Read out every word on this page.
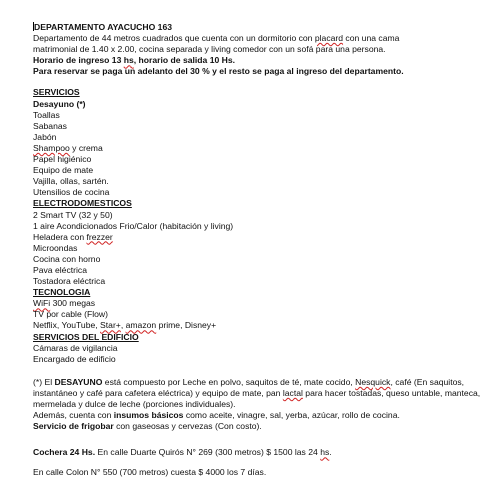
DEPARTAMENTO AYACUCHO 163
Departamento de 44 metros cuadrados que cuenta con un dormitorio con placard con una cama
matrimonial de 1.40 x 2.00, cocina separada y living comedor con un sofá para una persona.
Horario de ingreso 13 hs, horario de salida 10 Hs.
Para reservar se paga un adelanto del 30 % y el resto se paga al ingreso del departamento.
SERVICIOS
Desayuno (*)
Toallas
Sabanas
Jabón
Shampoo y crema
Papel higiénico
Equipo de mate
Vajilla, ollas, sartén.
Utensilios de cocina
ELECTRODOMESTICOS
2 Smart TV (32 y 50)
1 aire Acondicionados Frio/Calor (habitación y living)
Heladera con frezzer
Microondas
Cocina con horno
Pava eléctrica
Tostadora eléctrica
TECNOLOGIA
WiFi 300 megas
TV por cable (Flow)
Netflix, YouTube, Star+, amazon prime, Disney+
SERVICIOS DEL EDIFICIO
Cámaras de vigilancia
Encargado de edificio
(*) El DESAYUNO está compuesto por Leche en polvo, saquitos de té, mate cocido, Nesquick, café (En saquitos, instantáneo y café para cafetera eléctrica) y equipo de mate, pan lactal para hacer tostadas, queso untable, manteca, mermelada y dulce de leche (porciones individuales).
Además, cuenta con insumos básicos como aceite, vinagre, sal, yerba, azúcar, rollo de cocina.
Servicio de frigobar con gaseosas y cervezas (Con costo).
Cochera 24 Hs. En calle Duarte Quirós N° 269 (300 metros) $ 1500 las 24 hs.
En calle Colon N° 550 (700 metros) cuesta $ 4000 los 7 días.
